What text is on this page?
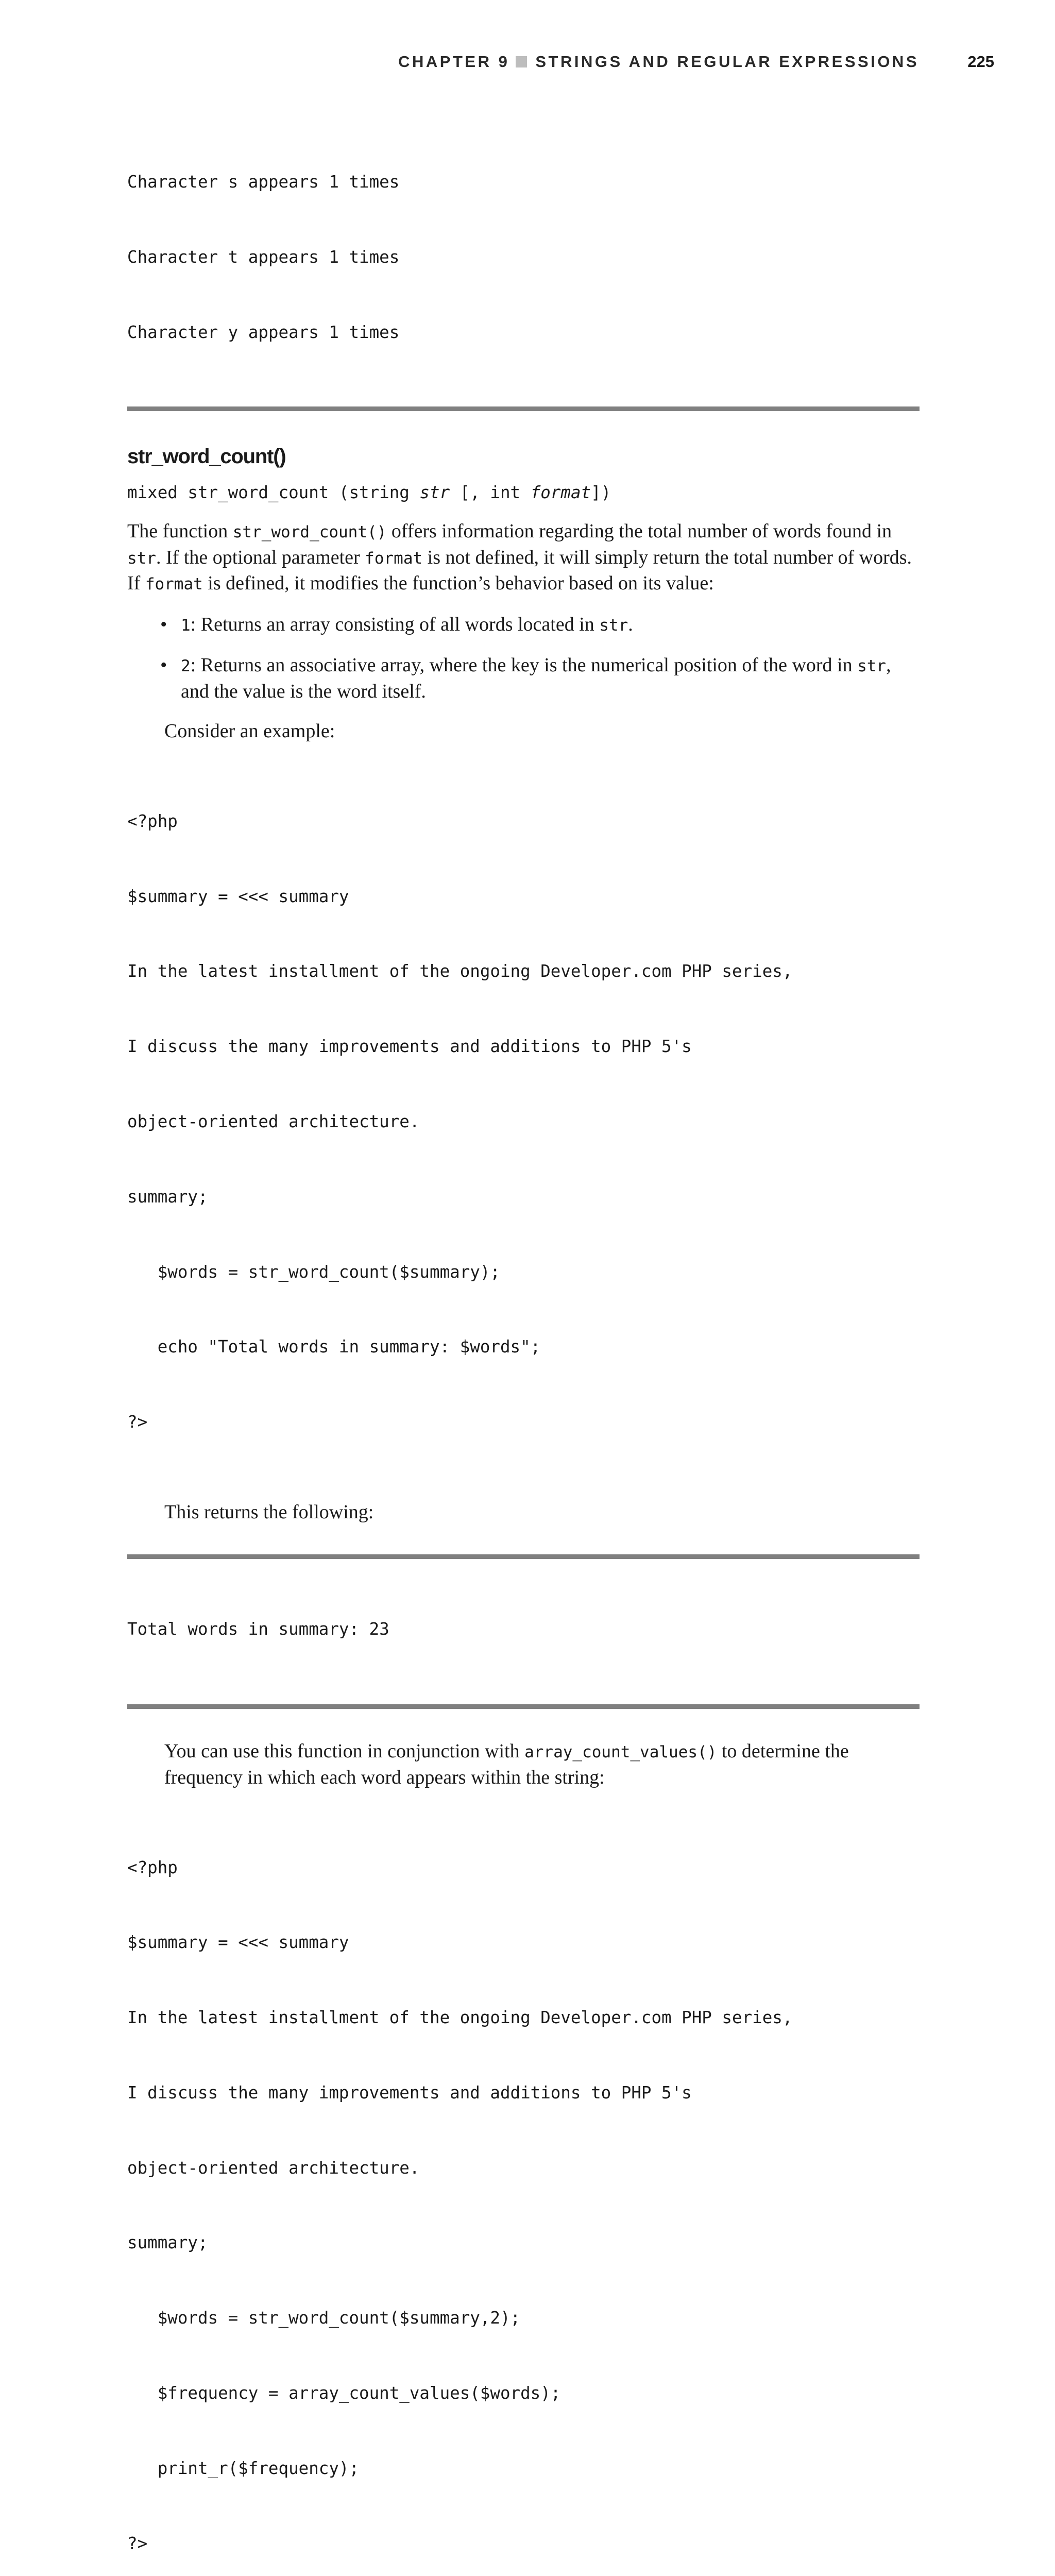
CHAPTER 9 STRINGS AND REGULAR EXPRESSIONS	225

Character s appears 1 times

Character t appears 1 times

Character y appears 1 times

str_word_count()
mixed str_word_count (string str [, int format])

The function str_word_count() offers information regarding the total number of words found in str. If the optional parameter format is not defined, it will simply return the total number of words. If format is defined, it modifies the function’s behavior based on its value:

• 1: Returns an array consisting of all words located in str.
• 2: Returns an associative array, where the key is the numerical position of the word in str, and the value is the word itself.

Consider an example:

<?php

$summary = <<< summary

In the latest installment of the ongoing Developer.com PHP series,

I discuss the many improvements and additions to PHP 5's

object-oriented architecture.

summary;

$words = str_word_count($summary);

echo "Total words in summary: $words";

?>

This returns the following:

Total words in summary: 23

You can use this function in conjunction with array_count_values() to determine the frequency in which each word appears within the string:

<?php

$summary = <<< summary

In the latest installment of the ongoing Developer.com PHP series,

I discuss the many improvements and additions to PHP 5's

object-oriented architecture.

summary;

$words = str_word_count($summary,2);

$frequency = array_count_values($words);

print_r($frequency);

?>
